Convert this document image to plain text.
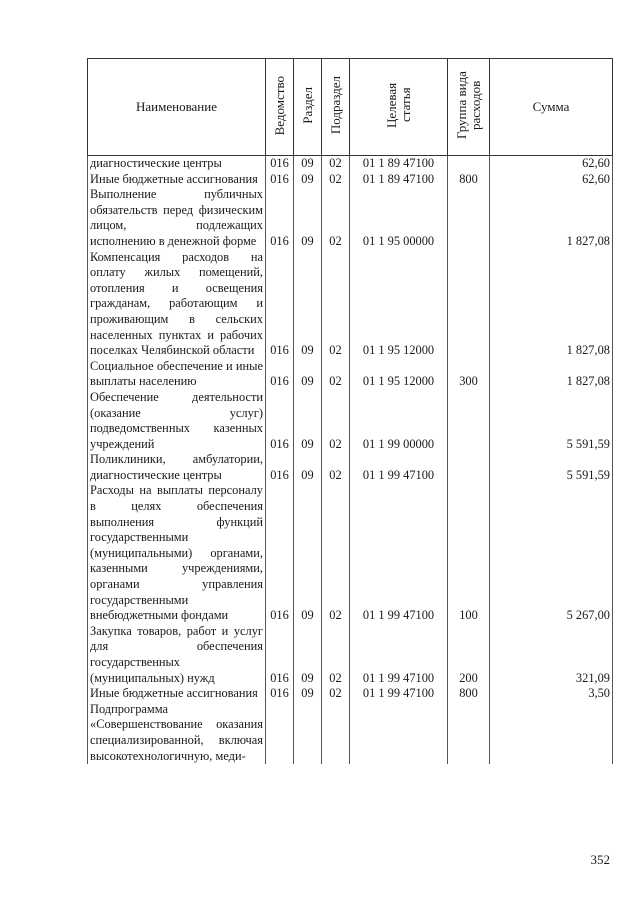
Наименование	Ведомство	Раздел	Подраздел	Целевая статья	Группа вида расходов	Сумма
диагностические центры	016	09	02	01 1 89 47100		62,60
Иные бюджетные ассигнования	016	09	02	01 1 89 47100	800	62,60
Выполнение публичных обязательств перед физическим лицом, подлежащих исполнению в денежной форме	016	09	02	01 1 95 00000		1 827,08
Компенсация расходов на оплату жилых помещений, отопления и освещения гражданам, работающим и проживающим в сельских населенных пунктах и рабочих поселках Челябинской области	016	09	02	01 1 95 12000		1 827,08
Социальное обеспечение и иные выплаты населению	016	09	02	01 1 95 12000	300	1 827,08
Обеспечение деятельности (оказание услуг) подведомственных казенных учреждений	016	09	02	01 1 99 00000		5 591,59
Поликлиники, амбулатории, диагностические центры	016	09	02	01 1 99 47100		5 591,59
Расходы на выплаты персоналу в целях обеспечения выполнения функций государственными (муниципальными) органами, казенными учреждениями, органами управления государственными внебюджетными фондами	016	09	02	01 1 99 47100	100	5 267,00
Закупка товаров, работ и услуг для обеспечения государственных (муниципальных) нужд	016	09	02	01 1 99 47100	200	321,09
Иные бюджетные ассигнования	016	09	02	01 1 99 47100	800	3,50
Подпрограмма «Совершенствование оказания специализированной, включая высокотехнологичную, меди-						
352
